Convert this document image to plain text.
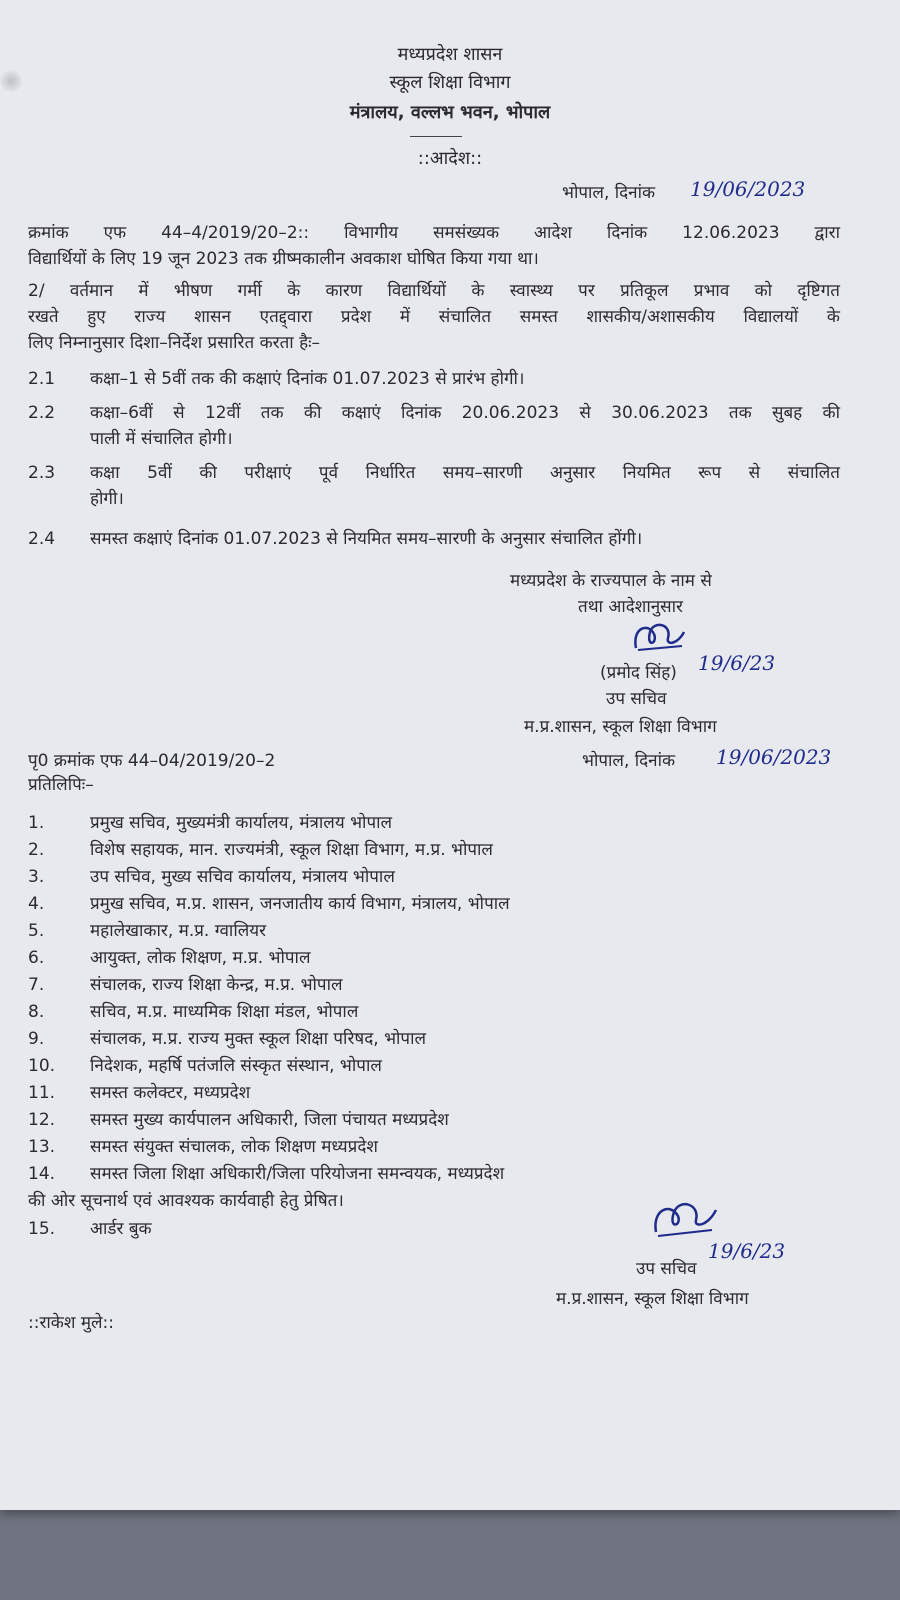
मध्यप्रदेश शासन
स्कूल शिक्षा विभाग
मंत्रालय, वल्लभ भवन, भोपाल
::आदेश::
भोपाल, दिनांक 19/06/2023
क्रमांक एफ 44–4/2019/20–2:: विभागीय समसंख्यक आदेश दिनांक 12.06.2023 द्वारा
विद्यार्थियों के लिए 19 जून 2023 तक ग्रीष्मकालीन अवकाश घोषित किया गया था।
2/ वर्तमान में भीषण गर्मी के कारण विद्यार्थियों के स्वास्थ्य पर प्रतिकूल प्रभाव को दृष्टिगत
रखते हुए राज्य शासन एतद्द्वारा प्रदेश में संचालित समस्त शासकीय/अशासकीय विद्यालयों के
लिए निम्नानुसार दिशा–निर्देश प्रसारित करता हैः–
2.1 कक्षा–1 से 5वीं तक की कक्षाएं दिनांक 01.07.2023 से प्रारंभ होगी।
2.2 कक्षा–6वीं से 12वीं तक की कक्षाएं दिनांक 20.06.2023 से 30.06.2023 तक सुबह की
पाली में संचालित होगी।
2.3 कक्षा 5वीं की परीक्षाएं पूर्व निर्धारित समय–सारणी अनुसार नियमित रूप से संचालित
होगी।
2.4 समस्त कक्षाएं दिनांक 01.07.2023 से नियमित समय–सारणी के अनुसार संचालित होंगी।
मध्यप्रदेश के राज्यपाल के नाम से
तथा आदेशानुसार
(प्रमोद सिंह) 19/6/23
उप सचिव
म.प्र.शासन, स्कूल शिक्षा विभाग
पृ0 क्रमांक एफ 44–04/2019/20–2	भोपाल, दिनांक 19/06/2023
प्रतिलिपिः–
1.	प्रमुख सचिव, मुख्यमंत्री कार्यालय, मंत्रालय भोपाल
2.	विशेष सहायक, मान. राज्यमंत्री, स्कूल शिक्षा विभाग, म.प्र. भोपाल
3.	उप सचिव, मुख्य सचिव कार्यालय, मंत्रालय भोपाल
4.	प्रमुख सचिव, म.प्र. शासन, जनजातीय कार्य विभाग, मंत्रालय, भोपाल
5.	महालेखाकार, म.प्र. ग्वालियर
6.	आयुक्त, लोक शिक्षण, म.प्र. भोपाल
7.	संचालक, राज्य शिक्षा केन्द्र, म.प्र. भोपाल
8.	सचिव, म.प्र. माध्यमिक शिक्षा मंडल, भोपाल
9.	संचालक, म.प्र. राज्य मुक्त स्कूल शिक्षा परिषद, भोपाल
10. निदेशक, महर्षि पतंजलि संस्कृत संस्थान, भोपाल
11. समस्त कलेक्टर, मध्यप्रदेश
12. समस्त मुख्य कार्यपालन अधिकारी, जिला पंचायत मध्यप्रदेश
13. समस्त संयुक्त संचालक, लोक शिक्षण मध्यप्रदेश
14. समस्त जिला शिक्षा अधिकारी/जिला परियोजना समन्वयक, मध्यप्रदेश
की ओर सूचनार्थ एवं आवश्यक कार्यवाही हेतु प्रेषित।
15. आर्डर बुक
19/6/23
उप सचिव
म.प्र.शासन, स्कूल शिक्षा विभाग
::राकेश मुले::
